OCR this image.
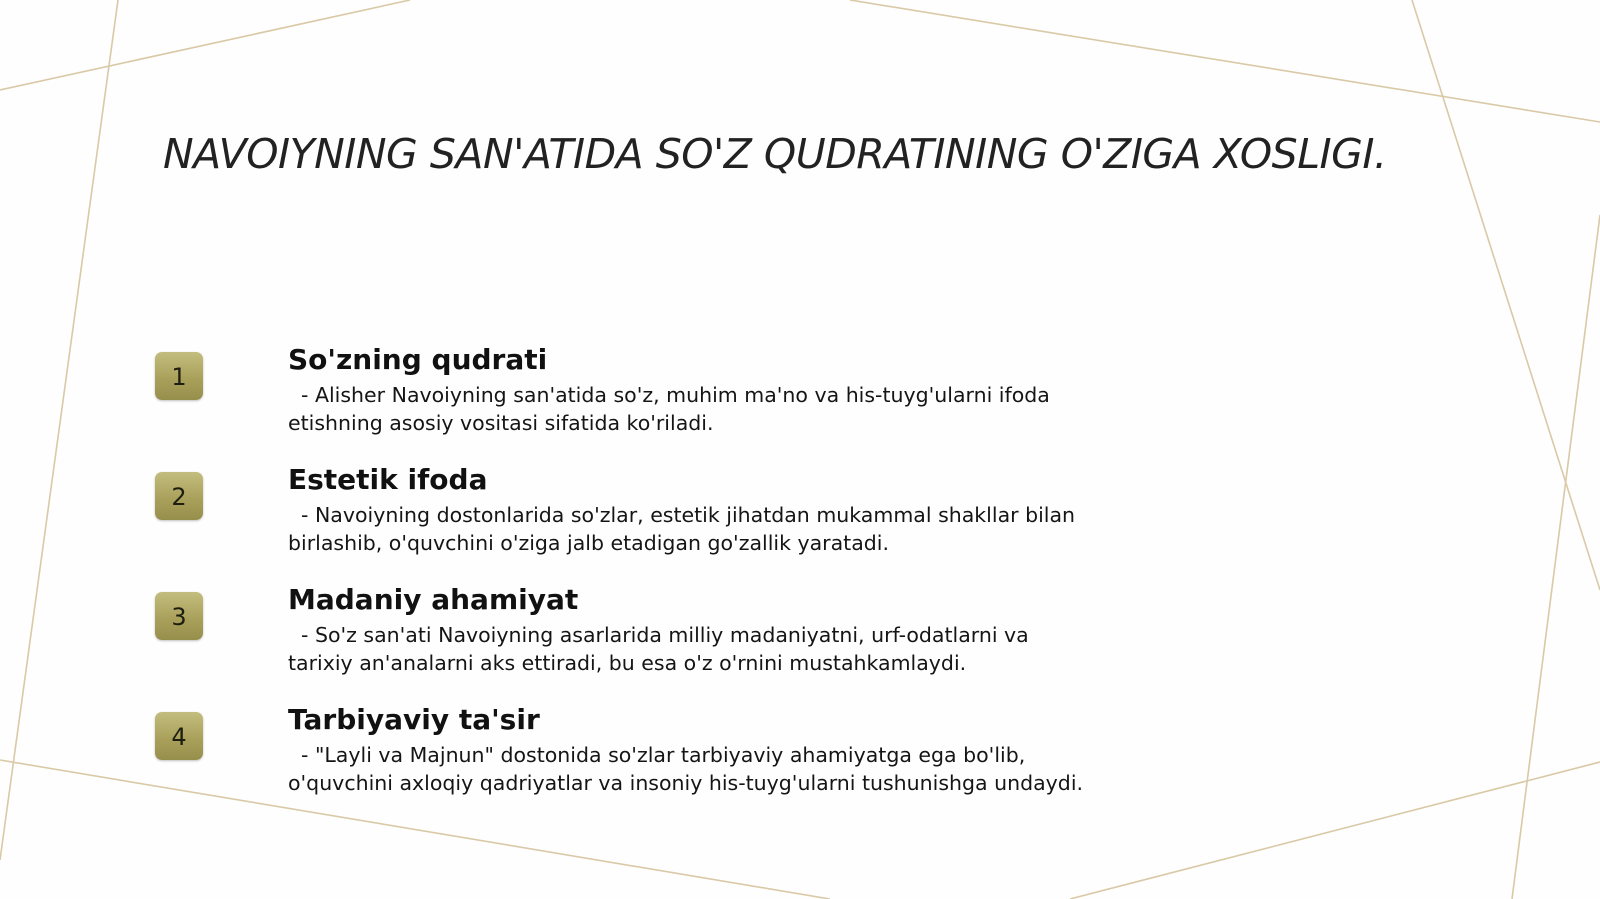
NAVOIYNING SAN'ATIDA SO'Z QUDRATINING O'ZIGA XOSLIGI.
1
So'zning qudrati

- Alisher Navoiyning san'atida so'z, muhim ma'no va his-tuyg'ularni ifoda etishning asosiy vositasi sifatida ko'riladi.

2
Estetik ifoda

- Navoiyning dostonlarida so'zlar, estetik jihatdan mukammal shakllar bilan birlashib, o'quvchini o'ziga jalb etadigan go'zallik yaratadi.

3
Madaniy ahamiyat

- So'z san'ati Navoiyning asarlarida milliy madaniyatni, urf-odatlarni va tarixiy an'analarni aks ettiradi, bu esa o'z o'rnini mustahkamlaydi.

4
Tarbiyaviy ta'sir

- "Layli va Majnun" dostonida so'zlar tarbiyaviy ahamiyatga ega bo'lib, o'quvchini axloqiy qadriyatlar va insoniy his-tuyg'ularni tushunishga undaydi.
